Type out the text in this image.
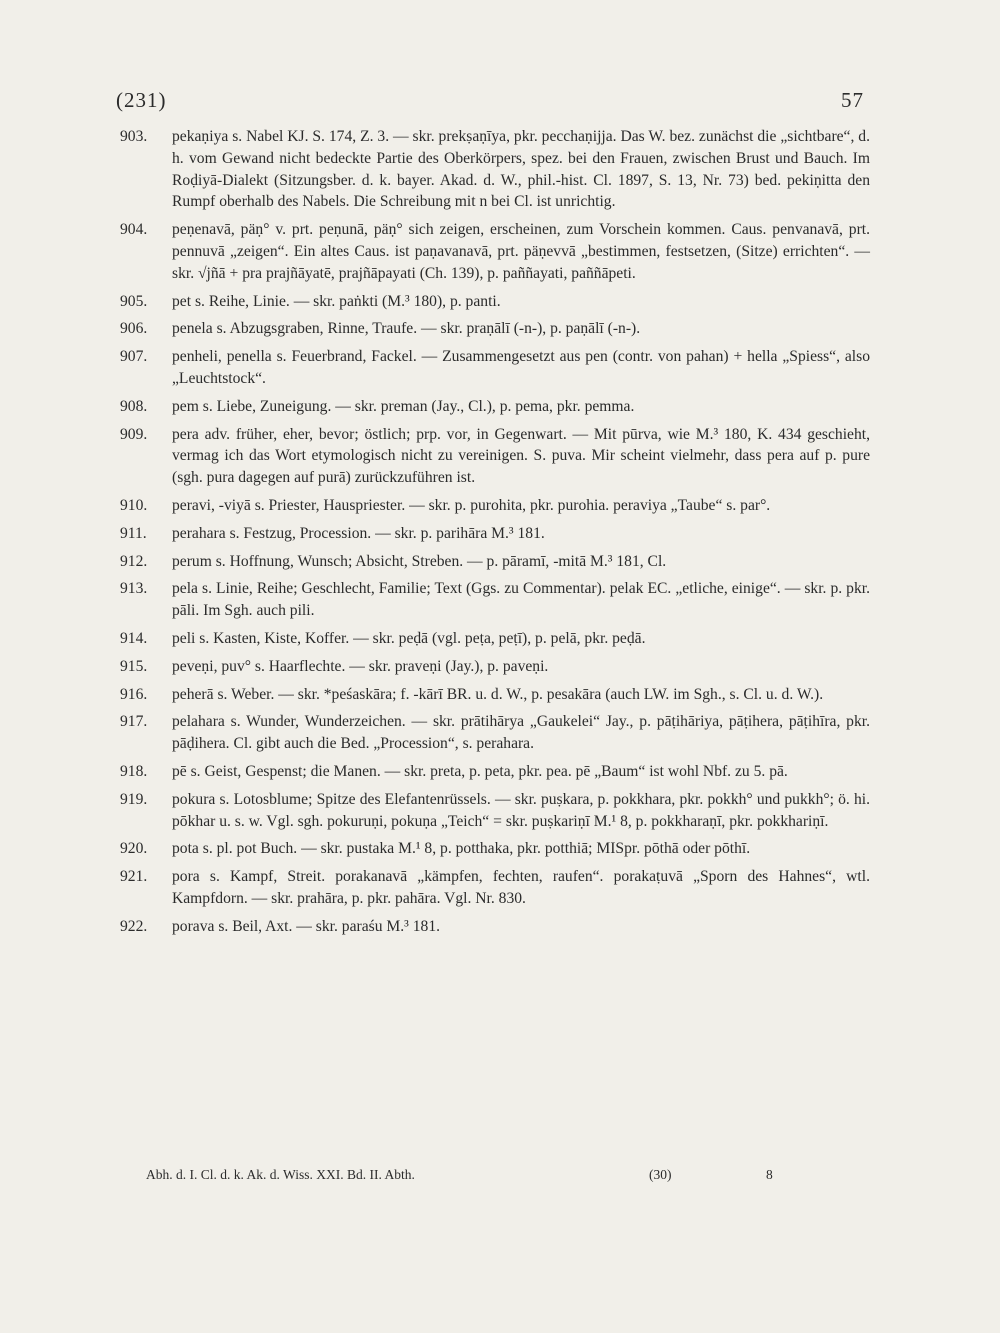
(231)	57
903. pekaṇiya s. Nabel KJ. S. 174, Z. 3. — skr. prekṣaṇīya, pkr. pecchaṇijja. Das W. bez. zunächst die „sichtbare“, d. h. vom Gewand nicht bedeckte Partie des Oberkörpers, spez. bei den Frauen, zwischen Brust und Bauch. Im Roḍiyā-Dialekt (Sitzungsber. d. k. bayer. Akad. d. W., phil.-hist. Cl. 1897, S. 13, Nr. 73) bed. pekiṇitta den Rumpf oberhalb des Nabels. Die Schreibung mit n bei Cl. ist unrichtig.
904. peṇenavā, päṇ° v. prt. peṇunā, päṇ° sich zeigen, erscheinen, zum Vorschein kommen. Caus. penvanavā, prt. pennuvā „zeigen“. Ein altes Caus. ist paṇavanavā, prt. päṇevvā „bestimmen, festsetzen, (Sitze) errichten“. — skr. √jñā + pra prajñāyatē, prajñāpayati (Ch. 139), p. paññayati, paññāpeti.
905. pet s. Reihe, Linie. — skr. paṅkti (M.³ 180), p. panti.
906. penela s. Abzugsgraben, Rinne, Traufe. — skr. praṇālī (-n-), p. paṇālī (-n-).
907. penheli, penella s. Feuerbrand, Fackel. — Zusammengesetzt aus pen (contr. von pahan) + hella „Spiess“, also „Leuchtstock“.
908. pem s. Liebe, Zuneigung. — skr. preman (Jay., Cl.), p. pema, pkr. pemma.
909. pera adv. früher, eher, bevor; östlich; prp. vor, in Gegenwart. — Mit pūrva, wie M.³ 180, K. 434 geschieht, vermag ich das Wort etymologisch nicht zu vereinigen. S. puva. Mir scheint vielmehr, dass pera auf p. pure (sgh. pura dagegen auf purā) zurückzuführen ist.
910. peravi, -viyā s. Priester, Hauspriester. — skr. p. purohita, pkr. purohia. peraviya „Taube“ s. par°.
911. perahara s. Festzug, Procession. — skr. p. parihāra M.³ 181.
912. perum s. Hoffnung, Wunsch; Absicht, Streben. — p. pāramī, -mitā M.³ 181, Cl.
913. pela s. Linie, Reihe; Geschlecht, Familie; Text (Ggs. zu Commentar). pelak EC. „etliche, einige“. — skr. p. pkr. pāli. Im Sgh. auch pili.
914. peli s. Kasten, Kiste, Koffer. — skr. peḍā (vgl. peṭa, peṭī), p. pelā, pkr. peḍā.
915. peveṇi, puv° s. Haarflechte. — skr. praveṇi (Jay.), p. paveṇi.
916. peherā s. Weber. — skr. *peśaskāra; f. -kārī BR. u. d. W., p. pesakāra (auch LW. im Sgh., s. Cl. u. d. W.).
917. pelahara s. Wunder, Wunderzeichen. — skr. prātihārya „Gaukelei“ Jay., p. pāṭihāriya, pāṭihera, pāṭihīra, pkr. pāḍihera. Cl. gibt auch die Bed. „Procession“, s. perahara.
918. pē s. Geist, Gespenst; die Manen. — skr. preta, p. peta, pkr. pea. pē „Baum“ ist wohl Nbf. zu 5. pā.
919. pokura s. Lotosblume; Spitze des Elefantenrüssels. — skr. puṣkara, p. pokkhara, pkr. pokkh° und pukkh°; ö. hi. pōkhar u. s. w. Vgl. sgh. pokuruṇi, pokuṇa „Teich“ = skr. puṣkariṇī M.¹ 8, p. pokkharaṇī, pkr. pokkhariṇī.
920. pota s. pl. pot Buch. — skr. pustaka M.¹ 8, p. potthaka, pkr. potthiā; MISpr. pōthā oder pōthī.
921. pora s. Kampf, Streit. porakanavā „kämpfen, fechten, raufen“. porakaṭuvā „Sporn des Hahnes“, wtl. Kampfdorn. — skr. prahāra, p. pkr. pahāra. Vgl. Nr. 830.
922. porava s. Beil, Axt. — skr. paraśu M.³ 181.
Abh. d. I. Cl. d. k. Ak. d. Wiss. XXI. Bd. II. Abth.	(30)	8
